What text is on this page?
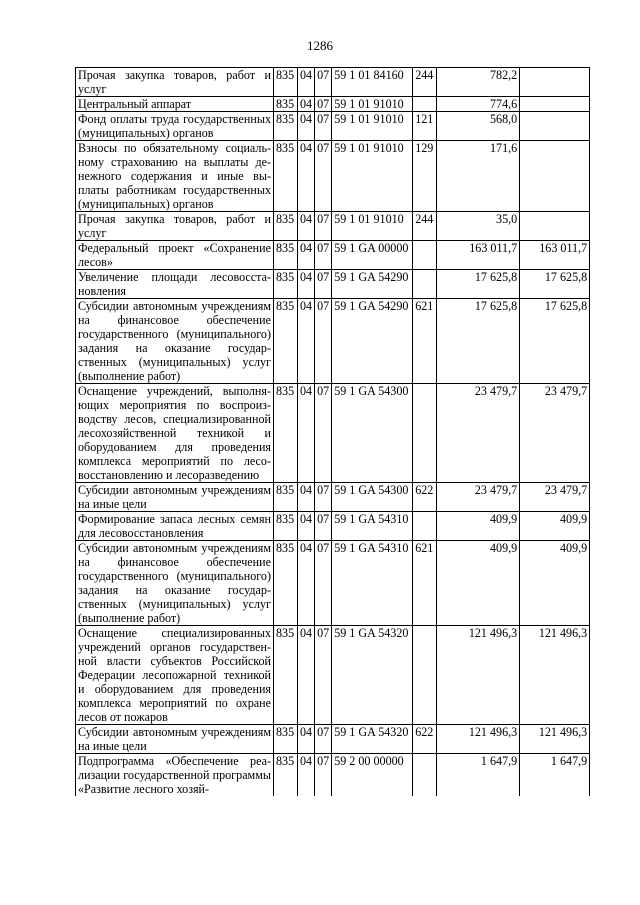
1286
Прочая закупка товаров, работ и услуг	835	04	07	59 1 01 84160	244	782,2	
Центральный аппарат	835	04	07	59 1 01 91010		774,6	
Фонд оплаты труда государственных (муниципальных) органов	835	04	07	59 1 01 91010	121	568,0	
Взносы по обязательному социальному страхованию на выплаты денежного содержания и иные выплаты работникам государственных (муниципальных) органов	835	04	07	59 1 01 91010	129	171,6	
Прочая закупка товаров, работ и услуг	835	04	07	59 1 01 91010	244	35,0	
Федеральный проект «Сохранение лесов»	835	04	07	59 1 GA 00000		163 011,7	163 011,7
Увеличение площади лесовосстановления	835	04	07	59 1 GA 54290		17 625,8	17 625,8
Субсидии автономным учреждениям на финансовое обеспечение государственного (муниципального) задания на оказание государственных (муниципальных) услуг (выполнение работ)	835	04	07	59 1 GA 54290	621	17 625,8	17 625,8
Оснащение учреждений, выполняющих мероприятия по воспроизводству лесов, специализированной лесохозяйственной техникой и оборудованием для проведения комплекса мероприятий по лесовосстановлению и лесоразведению	835	04	07	59 1 GA 54300		23 479,7	23 479,7
Субсидии автономным учреждениям на иные цели	835	04	07	59 1 GA 54300	622	23 479,7	23 479,7
Формирование запаса лесных семян для лесовосстановления	835	04	07	59 1 GA 54310		409,9	409,9
Субсидии автономным учреждениям на финансовое обеспечение государственного (муниципального) задания на оказание государственных (муниципальных) услуг (выполнение работ)	835	04	07	59 1 GA 54310	621	409,9	409,9
Оснащение специализированных учреждений органов государственной власти субъектов Российской Федерации лесопожарной техникой и оборудованием для проведения комплекса мероприятий по охране лесов от пожаров	835	04	07	59 1 GA 54320		121 496,3	121 496,3
Субсидии автономным учреждениям на иные цели	835	04	07	59 1 GA 54320	622	121 496,3	121 496,3
Подпрограмма «Обеспечение реализации государственной программы «Развитие лесного хозяй-	835	04	07	59 2 00 00000		1 647,9	1 647,9
